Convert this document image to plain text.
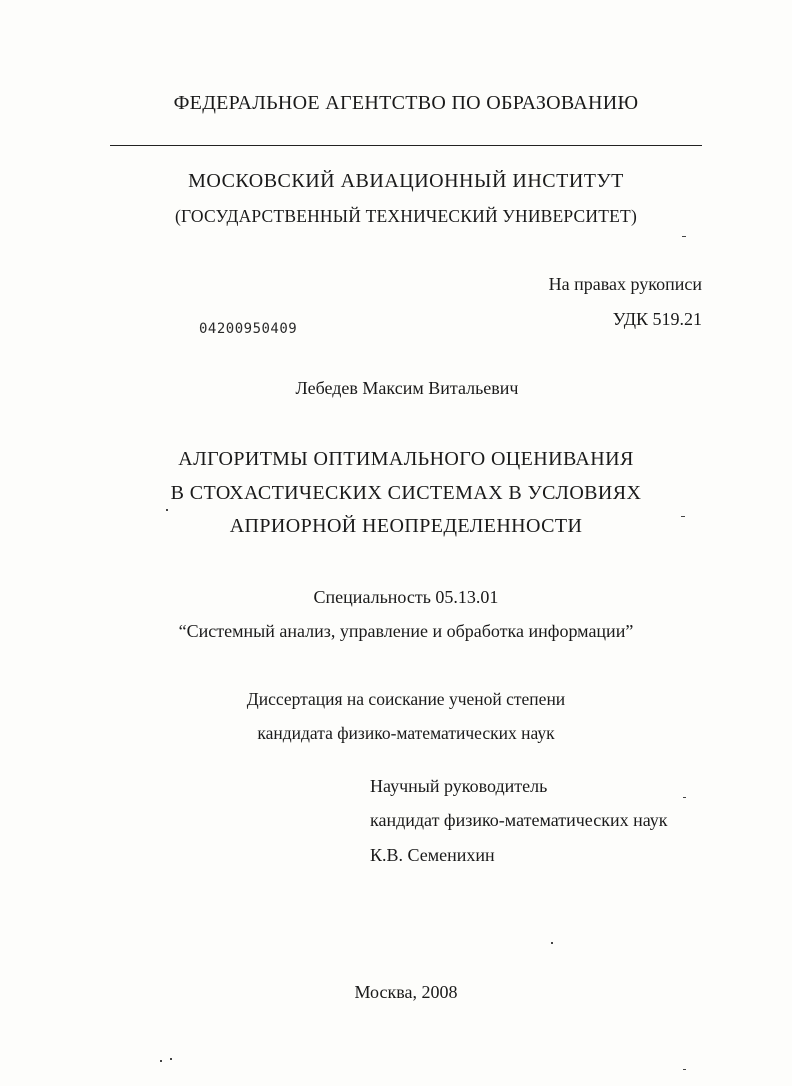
ФЕДЕРАЛЬНОЕ АГЕНТСТВО ПО ОБРАЗОВАНИЮ
МОСКОВСКИЙ АВИАЦИОННЫЙ ИНСТИТУТ
(ГОСУДАРСТВЕННЫЙ ТЕХНИЧЕСКИЙ УНИВЕРСИТЕТ)
На правах рукописи
УДК 519.21
04200950409
Лебедев Максим Витальевич
АЛГОРИТМЫ ОПТИМАЛЬНОГО ОЦЕНИВАНИЯ
В СТОХАСТИЧЕСКИХ СИСТЕМАХ В УСЛОВИЯХ
АПРИОРНОЙ НЕОПРЕДЕЛЕННОСТИ
Специальность 05.13.01
“Системный анализ, управление и обработка информации”
Диссертация на соискание ученой степени
кандидата физико-математических наук
Научный руководитель
кандидат физико-математических наук
К.В. Семенихин
Москва, 2008
